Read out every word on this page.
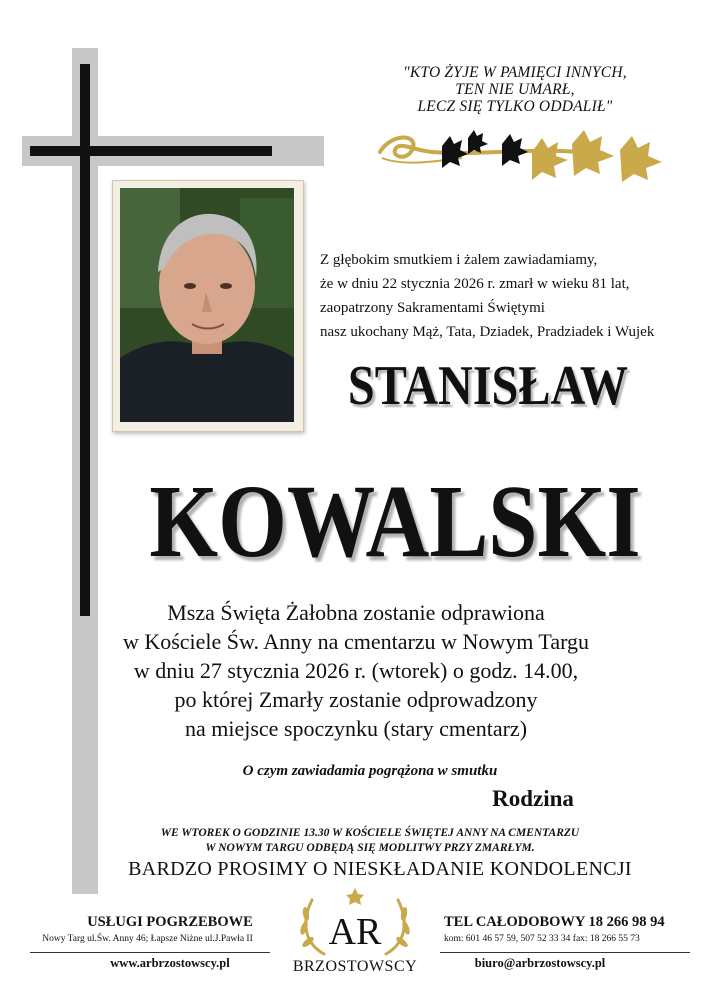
"KTO ŻYJE W PAMIĘCI INNYCH,
TEN NIE UMARŁ,
LECZ SIĘ TYLKO ODDALIŁ"
Z głębokim smutkiem i żalem zawiadamiamy,
że w dniu 22 stycznia 2026 r. zmarł w wieku 81 lat,
zaopatrzony Sakramentami Świętymi
nasz ukochany Mąż, Tata, Dziadek, Pradziadek i Wujek
STANISŁAW
KOWALSKI
Msza Święta Żałobna zostanie odprawiona
w Kościele Św. Anny na cmentarzu w Nowym Targu
w dniu 27 stycznia 2026 r. (wtorek) o godz. 14.00,
po której Zmarły zostanie odprowadzony
na miejsce spoczynku (stary cmentarz)
O czym zawiadamia pogrążona w smutku
Rodzina
WE WTOREK O GODZINIE 13.30 W KOŚCIELE ŚWIĘTEJ ANNY NA CMENTARZU
W NOWYM TARGU ODBĘDĄ SIĘ MODLITWY PRZY ZMARŁYM.
BARDZO PROSIMY O NIESKŁADANIE KONDOLENCJI
USŁUGI POGRZEBOWE
Nowy Targ ul.Św. Anny 46; Łapsze Niżne ul.J.Pawła II
www.arbrzostowscy.pl
AR
BRZOSTOWSCY
TEL CAŁODOBOWY 18 266 98 94
kom: 601 46 57 59, 507 52 33 34 fax: 18 266 55 73
biuro@arbrzostowscy.pl
